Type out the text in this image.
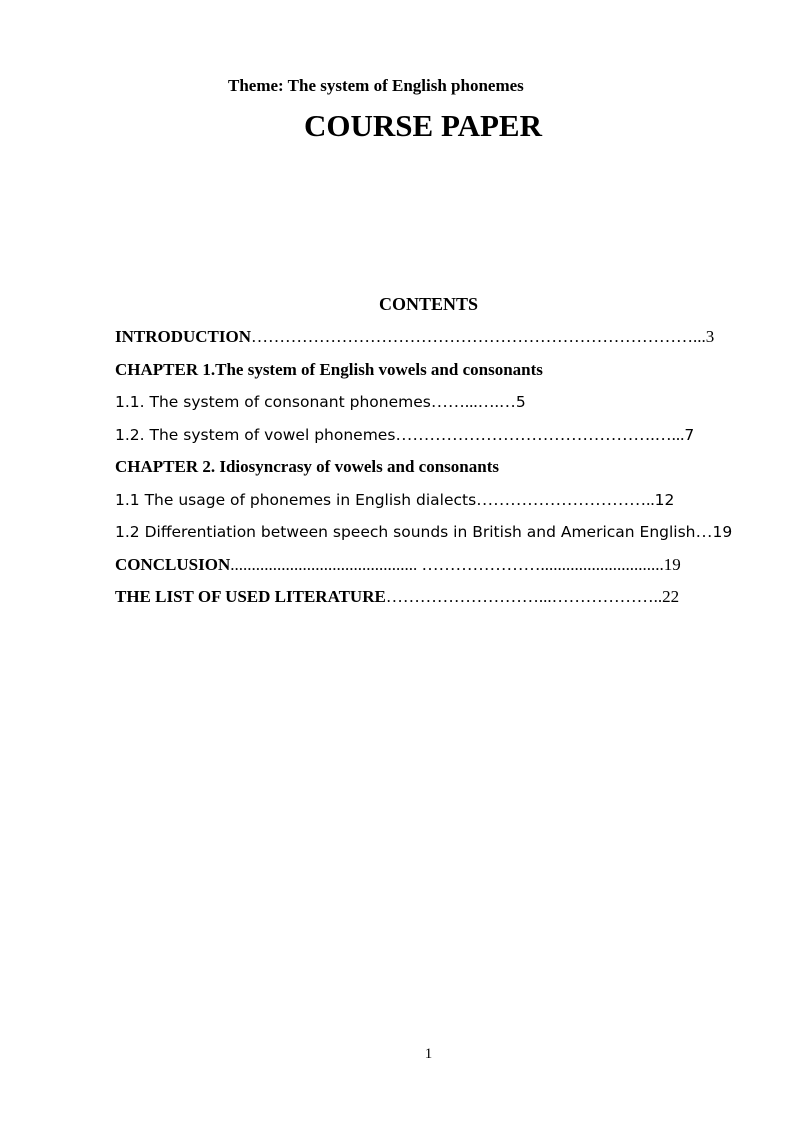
Theme: The system of English phonemes
COURSE PAPER
CONTENTS
INTRODUCTION……………………………………………………………………...3
CHAPTER 1.The system of English vowels and consonants
1.1. The system of consonant phonemes……...….…5
1.2. The system of vowel phonemes……………………………………….…...7
CHAPTER 2. Idiosyncrasy of vowels and consonants
1.1 The usage of phonemes in English dialects…………………………..12
1.2 Differentiation between speech sounds in British and American English…19
CONCLUSION............................................ ………………….............................19
THE LIST OF USED LITERATURE………………………...………………..22
1
